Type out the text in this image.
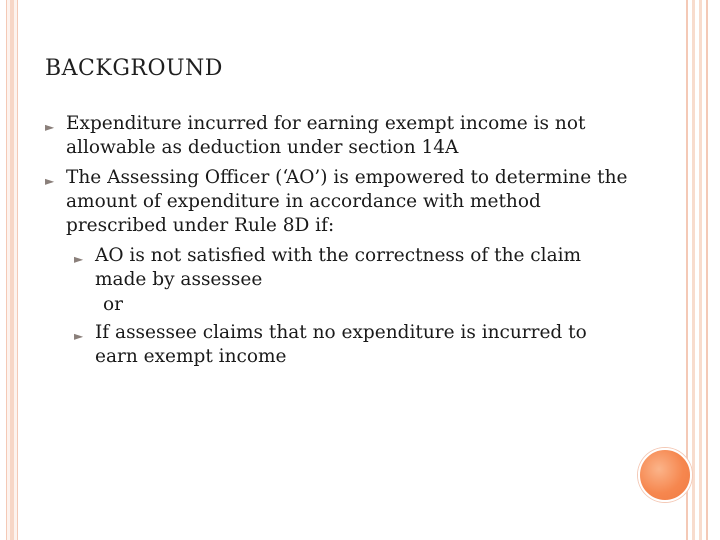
BACKGROUND
► Expenditure incurred for earning exempt income is not allowable as deduction under section 14A
► The Assessing Officer (‘AO’) is empowered to determine the amount of expenditure in accordance with method prescribed under Rule 8D if:
► AO is not satisfied with the correctness of the claim made by assessee
or
► If assessee claims that no expenditure is incurred to earn exempt income
